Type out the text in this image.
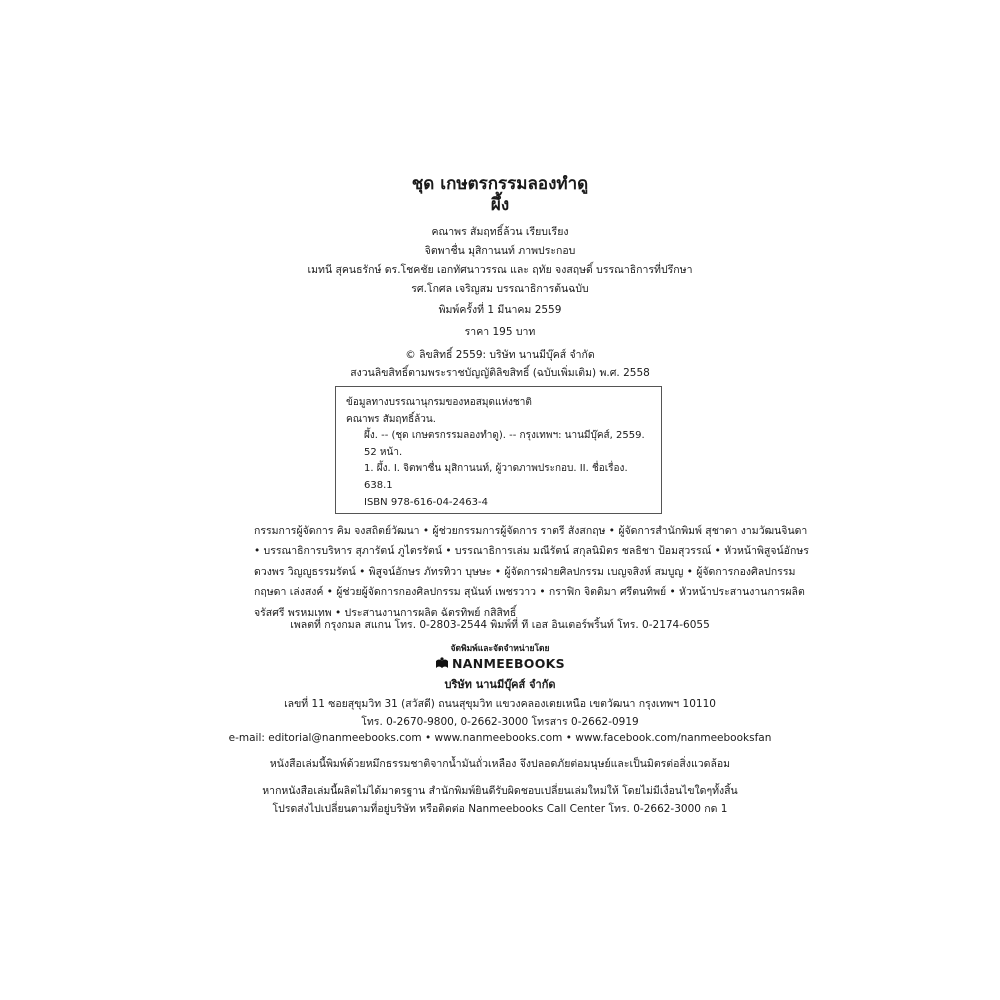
ชุด เกษตรกรรมลองทำดู
ผึ้ง
คณาพร สัมฤทธิ์ล้วน เรียบเรียง
จิตพาชื่น มุสิกานนท์ ภาพประกอบ
เมทนี สุคนธรักษ์ ดร.โชคชัย เอกทัศนาวรรณ และ ฤทัย จงสฤษดิ์ บรรณาธิการที่ปรึกษา
รศ.โกศล เจริญสม บรรณาธิการต้นฉบับ
พิมพ์ครั้งที่ 1 มีนาคม 2559
ราคา 195 บาท
© ลิขสิทธิ์ 2559: บริษัท นานมีบุ๊คส์ จำกัด
สงวนลิขสิทธิ์ตามพระราชบัญญัติลิขสิทธิ์ (ฉบับเพิ่มเติม) พ.ศ. 2558
ข้อมูลทางบรรณานุกรมของหอสมุดแห่งชาติ
คณาพร สัมฤทธิ์ล้วน.
ผึ้ง. -- (ชุด เกษตรกรรมลองทำดู). -- กรุงเทพฯ: นานมีบุ๊คส์, 2559.
52 หน้า.
1. ผึ้ง. I. จิตพาชื่น มุสิกานนท์, ผู้วาดภาพประกอบ. II. ชื่อเรื่อง.
638.1
ISBN 978-616-04-2463-4
กรรมการผู้จัดการ คิม จงสถิตย์วัฒนา • ผู้ช่วยกรรมการผู้จัดการ ราตรี สังสกฤษ • ผู้จัดการสำนักพิมพ์ สุชาดา งามวัฒนจินดา
• บรรณาธิการบริหาร สุภารัตน์ ภูไตรรัตน์ • บรรณาธิการเล่ม มณีรัตน์ สกุลนิมิตร ชลธิชา ป้อมสุวรรณ์ • หัวหน้าพิสูจน์อักษร
ดวงพร วิญญูธรรมรัตน์ • พิสูจน์อักษร ภัทรทิวา บุษษะ • ผู้จัดการฝ่ายศิลปกรรม เบญจสิงห์ สมบูญ • ผู้จัดการกองศิลปกรรม
กฤษดา เล่งสงค์ • ผู้ช่วยผู้จัดการกองศิลปกรรม สุนันท์ เพชรวาว • กราฟิก จิตติมา ศรีตนทิพย์ • หัวหน้าประสานงานการผลิต
จรัสศรี พรหมเทพ • ประสานงานการผลิต ฉัตรทิพย์ กสิสิทธิ์
เพลตที่ กรุงกมล สแกน โทร. 0-2803-2544 พิมพ์ที่ ที เอส อินเตอร์พริ้นท์ โทร. 0-2174-6055
จัดพิมพ์และจัดจำหน่ายโดย
NANMEEBOOKS
บริษัท นานมีบุ๊คส์ จำกัด
เลขที่ 11 ซอยสุขุมวิท 31 (สวัสดี) ถนนสุขุมวิท แขวงคลองเตยเหนือ เขตวัฒนา กรุงเทพฯ 10110
โทร. 0-2670-9800, 0-2662-3000 โทรสาร 0-2662-0919
e-mail: editorial@nanmeebooks.com • www.nanmeebooks.com • www.facebook.com/nanmeebooksfan
หนังสือเล่มนี้พิมพ์ด้วยหมึกธรรมชาติจากน้ำมันถั่วเหลือง จึงปลอดภัยต่อมนุษย์และเป็นมิตรต่อสิ่งแวดล้อม
หากหนังสือเล่มนี้ผลิตไม่ได้มาตรฐาน สำนักพิมพ์ยินดีรับผิดชอบเปลี่ยนเล่มใหม่ให้ โดยไม่มีเงื่อนไขใดๆทั้งสิ้น
โปรดส่งไปเปลี่ยนตามที่อยู่บริษัท หรือติดต่อ Nanmeebooks Call Center โทร. 0-2662-3000 กด 1
